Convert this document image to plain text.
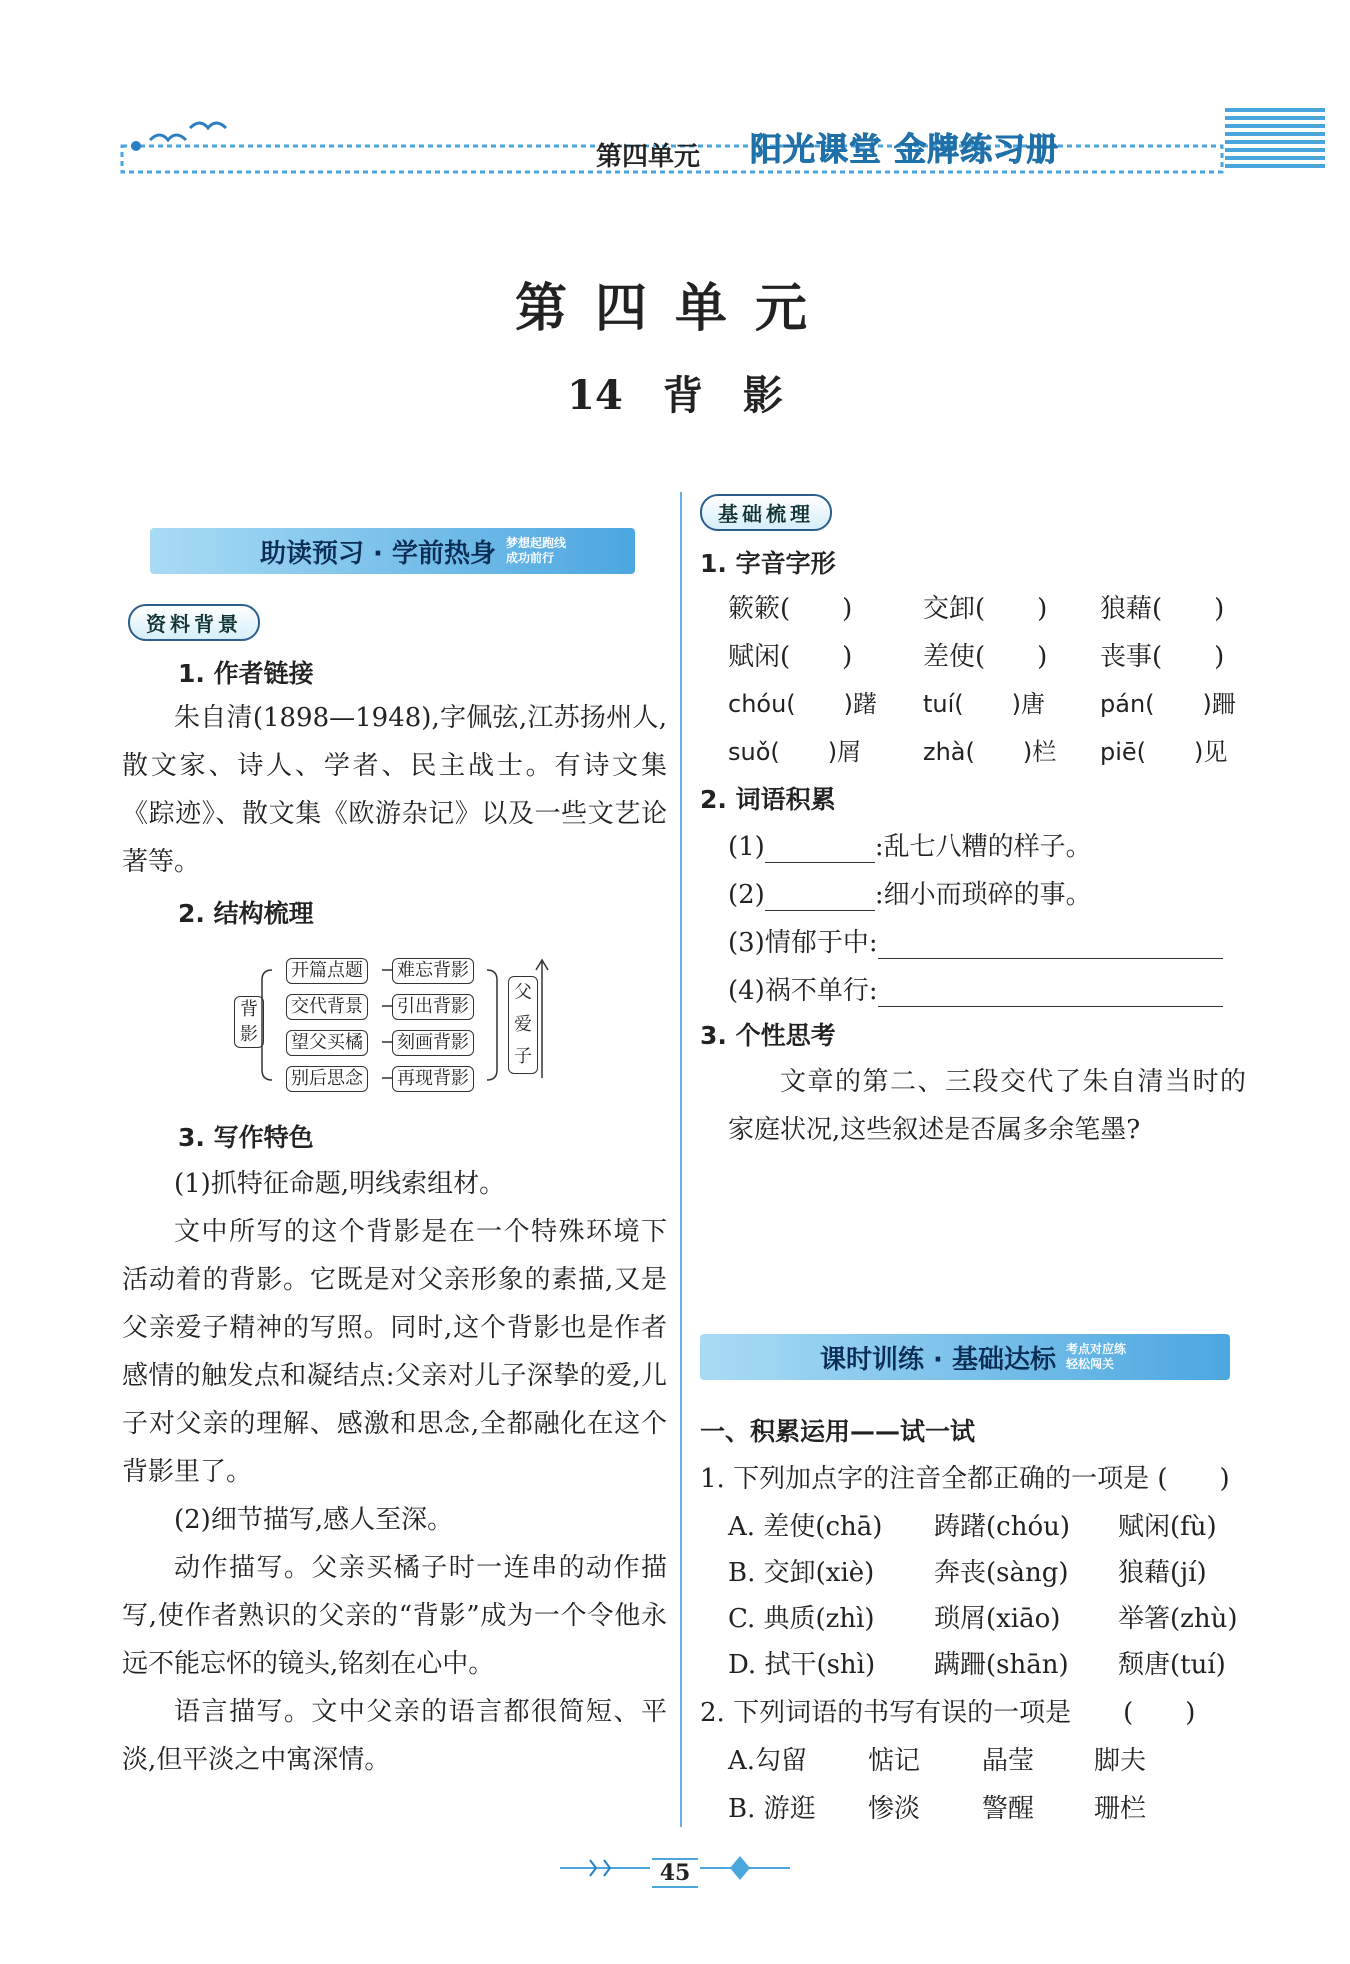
第四单元 阳光课堂 金牌练习册
第四单元
14　背　影
助读预习 · 学前热身 梦想起跑线
成功前行
资料背景
1. 作者链接
朱自清(1898—1948),字佩弦,江苏扬州人,散文家、诗人、学者、民主战士。有诗文集《踪迹》、散文集《欧游杂记》以及一些文艺论著等。
2. 结构梳理
背影
开篇点题
交代背景
望父买橘
别后思念
难忘背影
引出背影
刻画背影
再现背影
父爱子
3. 写作特色
(1)抓特征命题,明线索组材。
文中所写的这个背影是在一个特殊环境下活动着的背影。它既是对父亲形象的素描,又是父亲爱子精神的写照。同时,这个背影也是作者感情的触发点和凝结点:父亲对儿子深挚的爱,儿子对父亲的理解、感激和思念,全都融化在这个背影里了。
(2)细节描写,感人至深。
动作描写。父亲买橘子时一连串的动作描写,使作者熟识的父亲的“背影”成为一个令他永远不能忘怀的镜头,铭刻在心中。
语言描写。文中父亲的语言都很简短、平淡,但平淡之中寓深情。
基础梳理
1. 字音字形
簌簌(　　)	交卸(　　) 狼藉(　　)
赋闲(　　)	差使(　　) 丧事(　　)
chóu(　　)躇 tuí(　　)唐 pán(　　)跚
suǒ(　　)屑	zhà(　　)栏 piē(　　)见
2. 词语积累
(1)	:乱七八糟的样子。
(2)	:细小而琐碎的事。
(3)情郁于中:
(4)祸不单行:
3. 个性思考
文章的第二、三段交代了朱自清当时的家庭状况,这些叙述是否属多余笔墨?
课时训练 · 基础达标 考点对应练
轻松闯关
一、积累运用——试一试
1. 下列加点字的注音全都正确的一项是 (　　)
A. 差使(chā) 踌躇(chóu) 赋闲(fù)
B. 交卸(xiè) 奔丧(sàng) 狼藉(jí)
C. 典质(zhì) 琐屑(xiāo) 举箸(zhù)
D. 拭干(shì) 蹒跚(shān) 颓唐(tuí)
2. 下列词语的书写有误的一项是　　(　　)
A.勾留 惦记 晶莹 脚夫
B. 游逛 惨淡 警醒 珊栏
45
